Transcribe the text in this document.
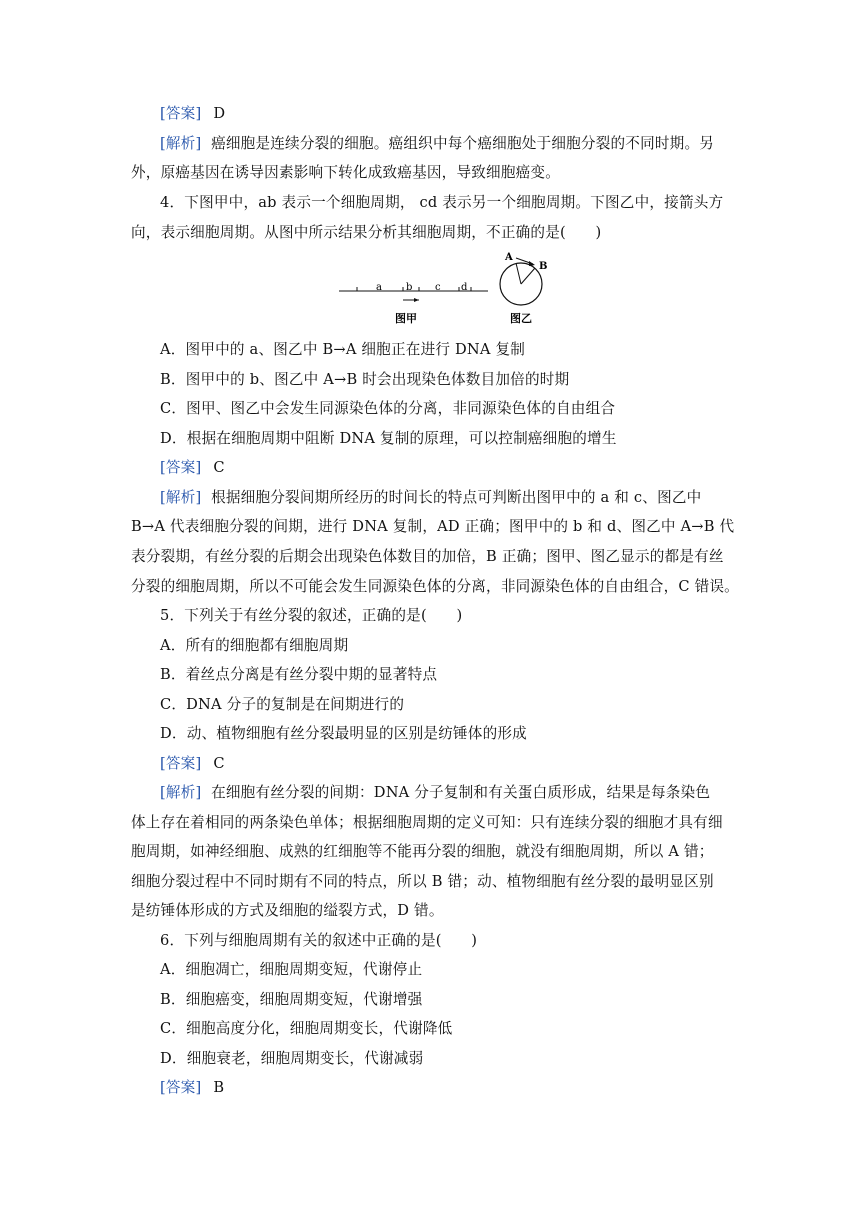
[答案] D
[解析] 癌细胞是连续分裂的细胞。癌组织中每个癌细胞处于细胞分裂的不同时期。另
外，原癌基因在诱导因素影响下转化成致癌基因，导致细胞癌变。
4．下图甲中，ab 表示一个细胞周期， cd 表示另一个细胞周期。下图乙中，接箭头方
向，表示细胞周期。从图中所示结果分析其细胞周期，不正确的是(　　)
a b c d
图甲
A
B
图乙
A．图甲中的 a、图乙中 B→A 细胞正在进行 DNA 复制
B．图甲中的 b、图乙中 A→B 时会出现染色体数目加倍的时期
C．图甲、图乙中会发生同源染色体的分离，非同源染色体的自由组合
D．根据在细胞周期中阻断 DNA 复制的原理，可以控制癌细胞的增生
[答案] C
[解析] 根据细胞分裂间期所经历的时间长的特点可判断出图甲中的 a 和 c、图乙中
B→A 代表细胞分裂的间期，进行 DNA 复制，AD 正确；图甲中的 b 和 d、图乙中 A→B 代
表分裂期，有丝分裂的后期会出现染色体数目的加倍，B 正确；图甲、图乙显示的都是有丝
分裂的细胞周期，所以不可能会发生同源染色体的分离，非同源染色体的自由组合，C 错误。
5．下列关于有丝分裂的叙述，正确的是(　　)
A．所有的细胞都有细胞周期
B．着丝点分离是有丝分裂中期的显著特点
C．DNA 分子的复制是在间期进行的
D．动、植物细胞有丝分裂最明显的区别是纺锤体的形成
[答案] C
[解析] 在细胞有丝分裂的间期：DNA 分子复制和有关蛋白质形成，结果是每条染色
体上存在着相同的两条染色单体；根据细胞周期的定义可知：只有连续分裂的细胞才具有细
胞周期，如神经细胞、成熟的红细胞等不能再分裂的细胞，就没有细胞周期，所以 A 错；
细胞分裂过程中不同时期有不同的特点，所以 B 错；动、植物细胞有丝分裂的最明显区别
是纺锤体形成的方式及细胞的缢裂方式，D 错。
6．下列与细胞周期有关的叙述中正确的是(　　)
A．细胞凋亡，细胞周期变短，代谢停止
B．细胞癌变，细胞周期变短，代谢增强
C．细胞高度分化，细胞周期变长，代谢降低
D．细胞衰老，细胞周期变长，代谢减弱
[答案] B
